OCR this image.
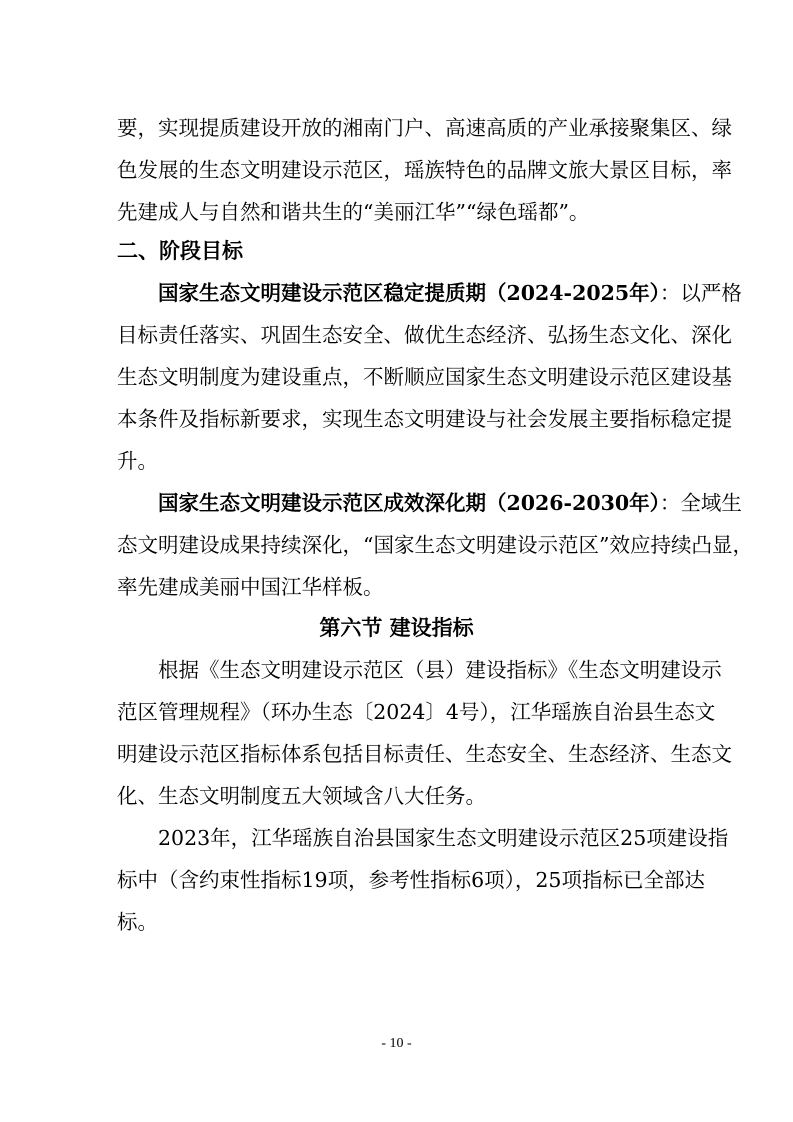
要，实现提质建设开放的湘南门户、高速高质的产业承接聚集区、绿
色发展的生态文明建设示范区，瑶族特色的品牌文旅大景区目标，率
先建成人与自然和谐共生的“美丽江华”“绿色瑶都”。
二、阶段目标
国家生态文明建设示范区稳定提质期（2024-2025年）：以严格
目标责任落实、巩固生态安全、做优生态经济、弘扬生态文化、深化
生态文明制度为建设重点，不断顺应国家生态文明建设示范区建设基
本条件及指标新要求，实现生态文明建设与社会发展主要指标稳定提
升。
国家生态文明建设示范区成效深化期（2026-2030年）：全域生
态文明建设成果持续深化，“国家生态文明建设示范区”效应持续凸显，
率先建成美丽中国江华样板。
第六节 建设指标
根据《生态文明建设示范区（县）建设指标》《生态文明建设示
范区管理规程》（环办生态〔2024〕4号），江华瑶族自治县生态文
明建设示范区指标体系包括目标责任、生态安全、生态经济、生态文
化、生态文明制度五大领域含八大任务。
2023年，江华瑶族自治县国家生态文明建设示范区25项建设指
标中（含约束性指标19项，参考性指标6项），25项指标已全部达
标。
- 10 -
